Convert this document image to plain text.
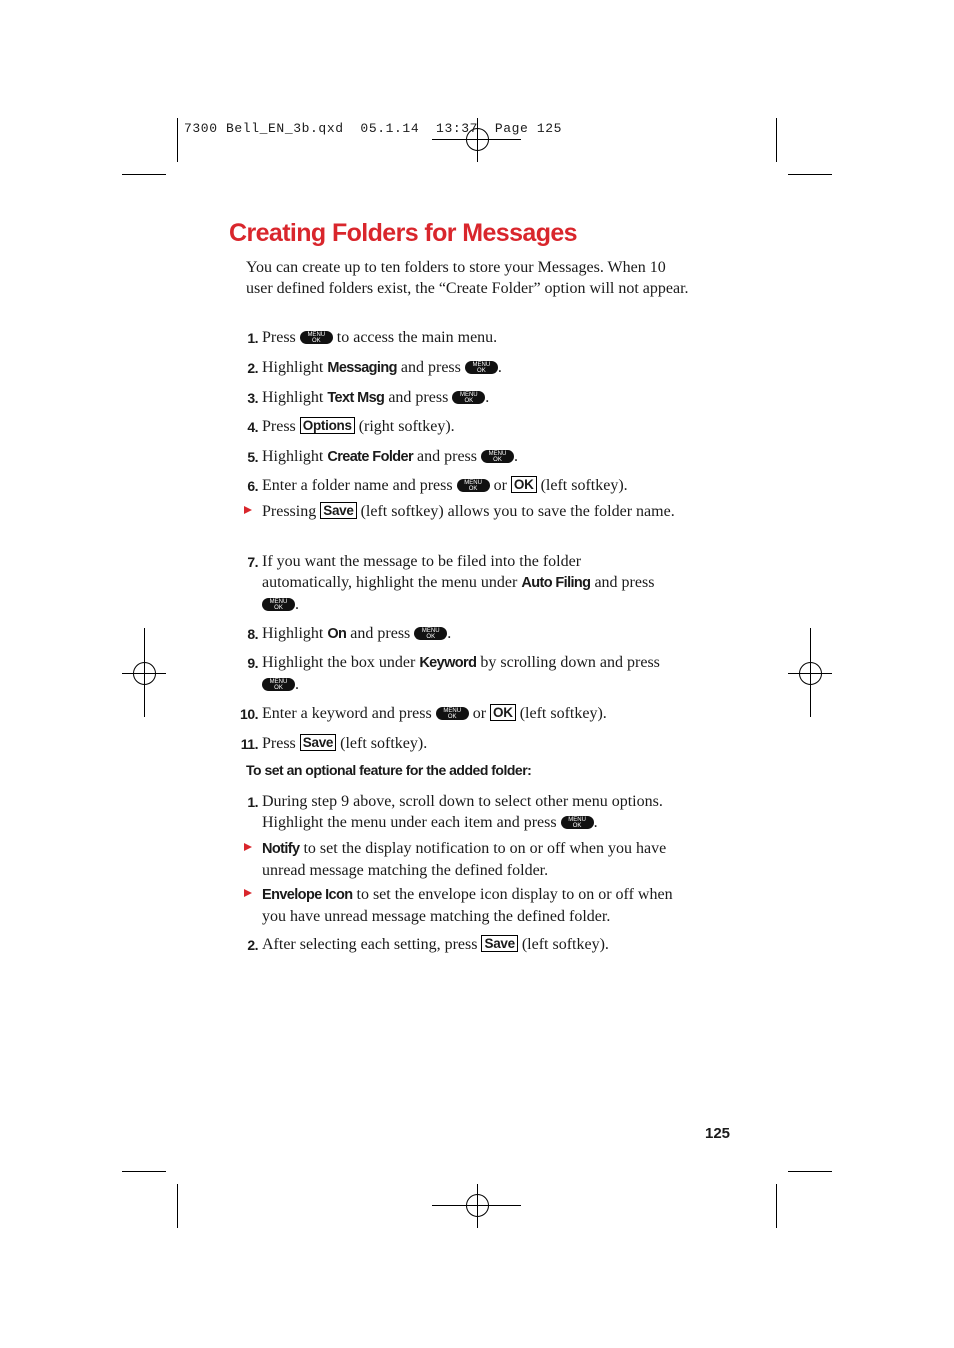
7300 Bell_EN_3b.qxd  05.1.14  13:37  Page 125
Creating Folders for Messages
You can create up to ten folders to store your Messages. When 10 user defined folders exist, the “Create Folder” option will not appear.
1. Press	MENU
OK to access the main menu.
2. Highlight Messaging and press	MENU
OK .
3. Highlight Text Msg and press	MENU
OK .
4. Press Options (right softkey).
5. Highlight Create Folder and press	MENU
OK .
6. Enter a folder name and press	MENU
OK or OK (left softkey).
Pressing Save (left softkey) allows you to save the folder name.
7. If you want the message to be filed into the folder automatically, highlight the menu under Auto Filing and press
MENU
OK .
8. Highlight On and press	MENU
OK .
9. Highlight the box under Keyword by scrolling down and press
MENU
OK .
10. Enter a keyword and press	MENU
OK or OK (left softkey).
11. Press Save (left softkey).
To set an optional feature for the added folder:
1. During step 9 above, scroll down to select other menu options. Highlight the menu under each item and press	MENU
OK .
Notify to set the display notification to on or off when you have unread message matching the defined folder.
Envelope Icon to set the envelope icon display to on or off when you have unread message matching the defined folder.
2. After selecting each setting, press Save (left softkey).
125
